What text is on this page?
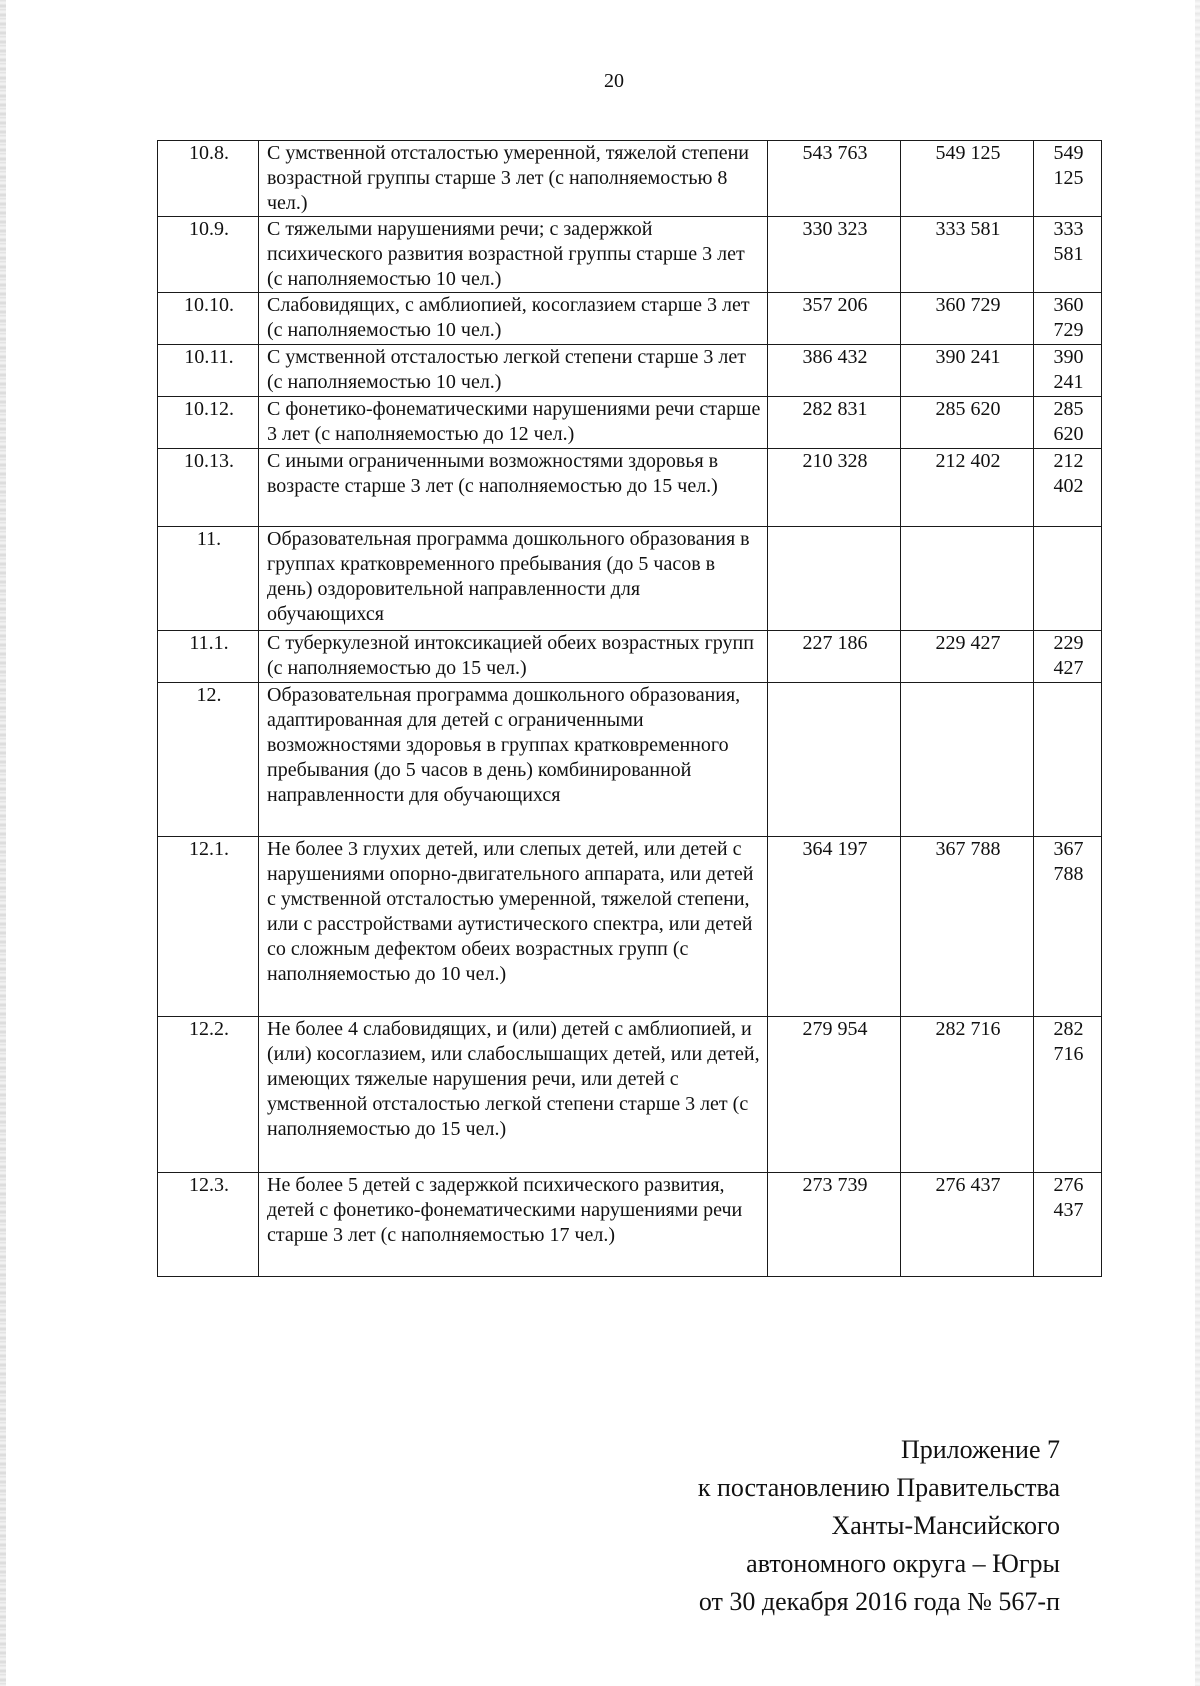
20
10.8.	С умственной отсталостью умеренной, тяжелой степени возрастной группы старше 3 лет (с наполняемостью 8 чел.)	543 763	549 125	549 125
10.9.	С тяжелыми нарушениями речи; с задержкой психического развития возрастной группы старше 3 лет (с наполняемостью 10 чел.)	330 323	333 581	333 581
10.10.	Слабовидящих, с амблиопией, косоглазием старше 3 лет (с наполняемостью 10 чел.)	357 206	360 729	360 729
10.11.	С умственной отсталостью легкой степени старше 3 лет (с наполняемостью 10 чел.)	386 432	390 241	390 241
10.12.	С фонетико-фонематическими нарушениями речи старше 3 лет (с наполняемостью до 12 чел.)	282 831	285 620	285 620
10.13.	С иными ограниченными возможностями здоровья в возрасте старше 3 лет (с наполняемостью до 15 чел.)	210 328	212 402	212 402
11.	Образовательная программа дошкольного образования в группах кратковременного пребывания (до 5 часов в день) оздоровительной направленности для обучающихся			
11.1.	С туберкулезной интоксикацией обеих возрастных групп (с наполняемостью до 15 чел.)	227 186	229 427	229 427
12.	Образовательная программа дошкольного образования, адаптированная для детей с ограниченными возможностями здоровья в группах кратковременного пребывания (до 5 часов в день) комбинированной направленности для обучающихся			
12.1.	Не более 3 глухих детей, или слепых детей, или детей с нарушениями опорно-двигательного аппарата, или детей с умственной отсталостью умеренной, тяжелой степени, или с расстройствами аутистического спектра, или детей со сложным дефектом обеих возрастных групп (с наполняемостью до 10 чел.)	364 197	367 788	367 788
12.2.	Не более 4 слабовидящих, и (или) детей с амблиопией, и (или) косоглазием, или слабослышащих детей, или детей, имеющих тяжелые нарушения речи, или детей с умственной отсталостью легкой степени старше 3 лет (с наполняемостью до 15 чел.)	279 954	282 716	282 716
12.3.	Не более 5 детей с задержкой психического развития, детей с фонетико-фонематическими нарушениями речи старше 3 лет (с наполняемостью 17 чел.)	273 739	276 437	276 437
Приложение 7
к постановлению Правительства
Ханты-Мансийского
автономного округа – Югры
от 30 декабря 2016 года № 567-п
